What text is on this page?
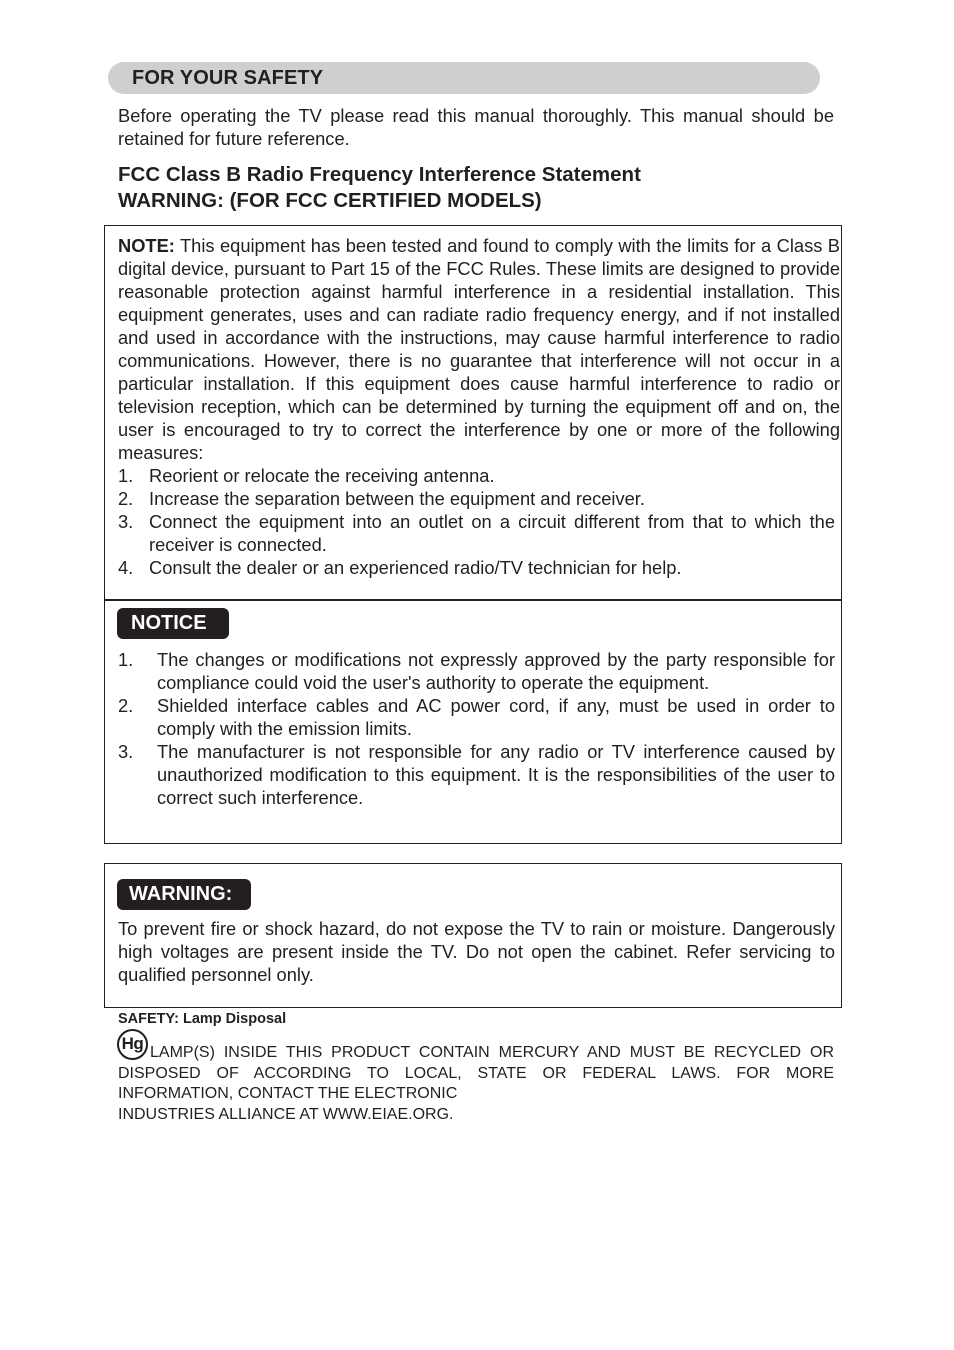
FOR YOUR SAFETY

Before operating the TV please read this manual thoroughly. This manual should be retained for future reference.

FCC Class B Radio Frequency Interference Statement
WARNING: (FOR FCC CERTIFIED MODELS)

NOTE: This equipment has been tested and found to comply with the limits for a Class B digital device, pursuant to Part 15 of the FCC Rules. These limits are designed to provide reasonable protection against harmful interference in a residential installation. This equipment generates, uses and can radiate radio frequency energy, and if not installed and used in accordance with the instructions, may cause harmful interference to radio communications. However, there is no guarantee that interference will not occur in a particular installation. If this equipment does cause harmful interference to radio or television reception, which can be determined by turning the equipment off and on, the user is encouraged to try to correct the interference by one or more of the following measures:

1. Reorient or relocate the receiving antenna.
2. Increase the separation between the equipment and receiver.
3. Connect the equipment into an outlet on a circuit different from that to which the receiver is connected.
4. Consult the dealer or an experienced radio/TV technician for help.
NOTICE
1. The changes or modifications not expressly approved by the party responsible for compliance could void the user's authority to operate the equipment.
2. Shielded interface cables and AC power cord, if any, must be used in order to comply with the emission limits.
3. The manufacturer is not responsible for any radio or TV interference caused by unauthorized modification to this equipment. It is the responsibilities of the user to correct such interference.
WARNING:

To prevent fire or shock hazard, do not expose the TV to rain or moisture. Dangerously high voltages are present inside the TV. Do not open the cabinet. Refer servicing to qualified personnel only.

SAFETY: Lamp Disposal

Hg LAMP(S) INSIDE THIS PRODUCT CONTAIN MERCURY AND MUST BE RECYCLED OR DISPOSED OF ACCORDING TO LOCAL, STATE OR FEDERAL LAWS. FOR MORE INFORMATION, CONTACT THE ELECTRONIC
INDUSTRIES ALLIANCE AT WWW.EIAE.ORG.
